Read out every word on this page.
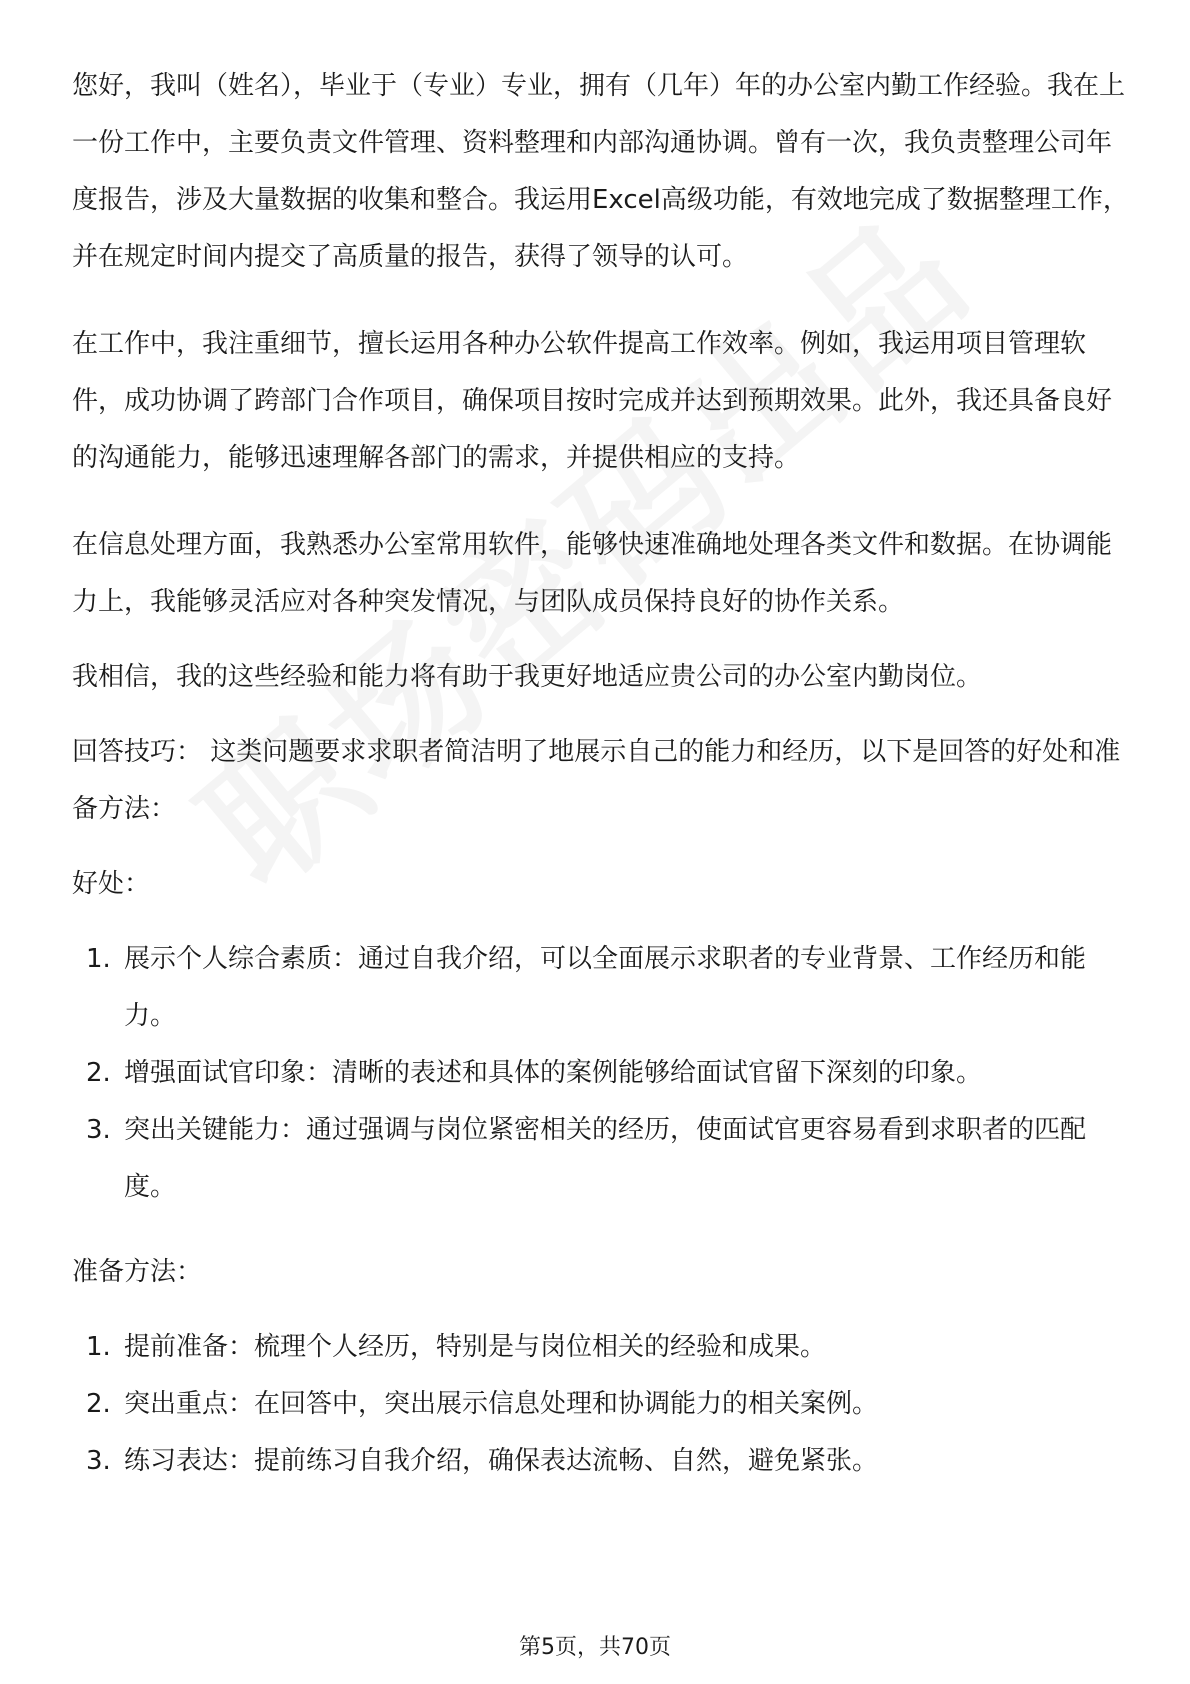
您好，我叫（姓名），毕业于（专业）专业，拥有（几年）年的办公室内勤工作经验。我在上一份工作中，主要负责文件管理、资料整理和内部沟通协调。曾有一次，我负责整理公司年度报告，涉及大量数据的收集和整合。我运用Excel高级功能，有效地完成了数据整理工作，并在规定时间内提交了高质量的报告，获得了领导的认可。

在工作中，我注重细节，擅长运用各种办公软件提高工作效率。例如，我运用项目管理软件，成功协调了跨部门合作项目，确保项目按时完成并达到预期效果。此外，我还具备良好的沟通能力，能够迅速理解各部门的需求，并提供相应的支持。

在信息处理方面，我熟悉办公室常用软件，能够快速准确地处理各类文件和数据。在协调能力上，我能够灵活应对各种突发情况，与团队成员保持良好的协作关系。

我相信，我的这些经验和能力将有助于我更好地适应贵公司的办公室内勤岗位。

回答技巧： 这类问题要求求职者简洁明了地展示自己的能力和经历，以下是回答的好处和准备方法：

好处：

1. 展示个人综合素质：通过自我介绍，可以全面展示求职者的专业背景、工作经历和能力。
2. 增强面试官印象：清晰的表述和具体的案例能够给面试官留下深刻的印象。
3. 突出关键能力：通过强调与岗位紧密相关的经历，使面试官更容易看到求职者的匹配度。

准备方法：

1. 提前准备：梳理个人经历，特别是与岗位相关的经验和成果。
2. 突出重点：在回答中，突出展示信息处理和协调能力的相关案例。
3. 练习表达：提前练习自我介绍，确保表达流畅、自然，避免紧张。
第5页，共70页
